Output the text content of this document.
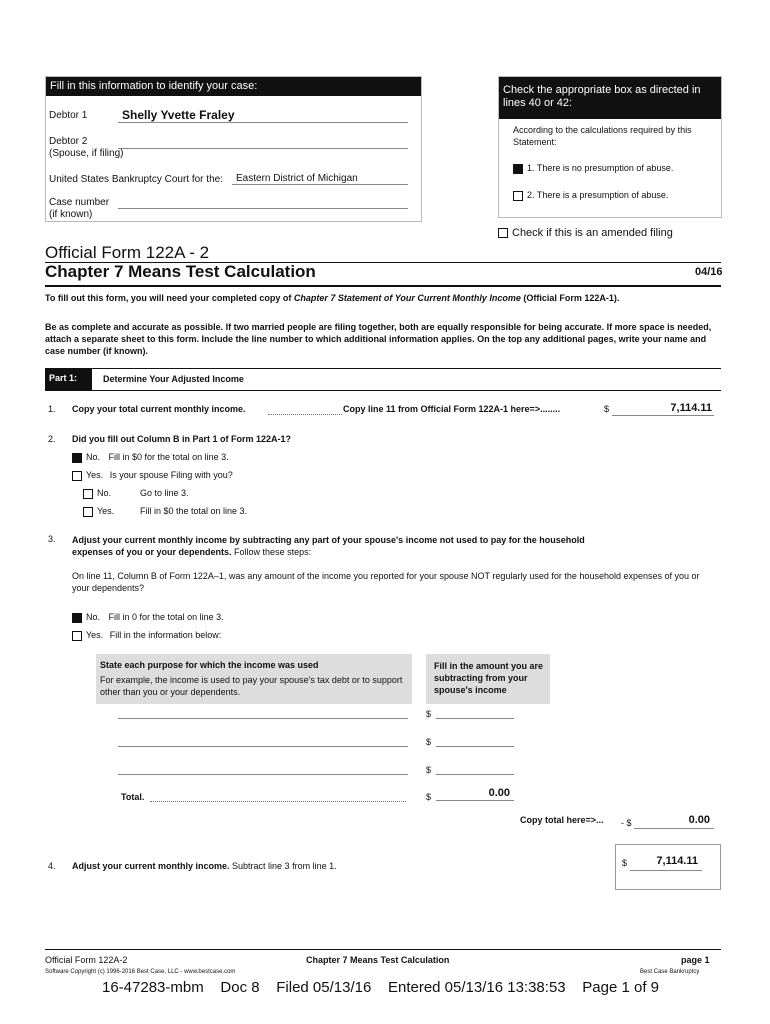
Fill in this information to identify your case:
Debtor 1	Shelly Yvette Fraley
Debtor 2
(Spouse, if filing)
United States Bankruptcy Court for the: Eastern District of Michigan
Case number
(if known)
Check the appropriate box as directed in lines 40 or 42:
According to the calculations required by this Statement:
1. There is no presumption of abuse.
2. There is a presumption of abuse.
Check if this is an amended filing
Official Form 122A - 2
Chapter 7 Means Test Calculation	04/16
To fill out this form, you will need your completed copy of Chapter 7 Statement of Your Current Monthly Income (Official Form 122A-1).
Be as complete and accurate as possible. If two married people are filing together, both are equally responsible for being accurate. If more space is needed, attach a separate sheet to this form. Include the line number to which additional information applies. On the top any additional pages, write your name and case number (if known).
Part 1:	Determine Your Adjusted Income
1. Copy your total current monthly income.	Copy line 11 from Official Form 122A-1 here=>........	$	7,114.11
2. Did you fill out Column B in Part 1 of Form 122A-1?
No. Fill in $0 for the total on line 3.
Yes. Is your spouse Filing with you?
No.	Go to line 3.
Yes.	Fill in $0 the total on line 3.
3. Adjust your current monthly income by subtracting any part of your spouse's income not used to pay for the household expenses of you or your dependents. Follow these steps:
On line 11, Column B of Form 122A–1, was any amount of the income you reported for your spouse NOT regularly used for the household expenses of you or your dependents?
No. Fill in 0 for the total on line 3.
Yes. Fill in the information below:
State each purpose for which the income was used
For example, the income is used to pay your spouse's tax debt or to support other than you or your dependents.
Fill in the amount you are subtracting from your spouse's income
$
$
$
Total.	$	0.00
Copy total here=>... - $	0.00
4. Adjust your current monthly income. Subtract line 3 from line 1.	$	7,114.11
Official Form 122A-2	Chapter 7 Means Test Calculation	page 1
Software Copyright (c) 1996-2016 Best Case, LLC - www.bestcase.com	Best Case Bankruptcy
16-47283-mbm    Doc 8    Filed 05/13/16    Entered 05/13/16 13:38:53    Page 1 of 9
